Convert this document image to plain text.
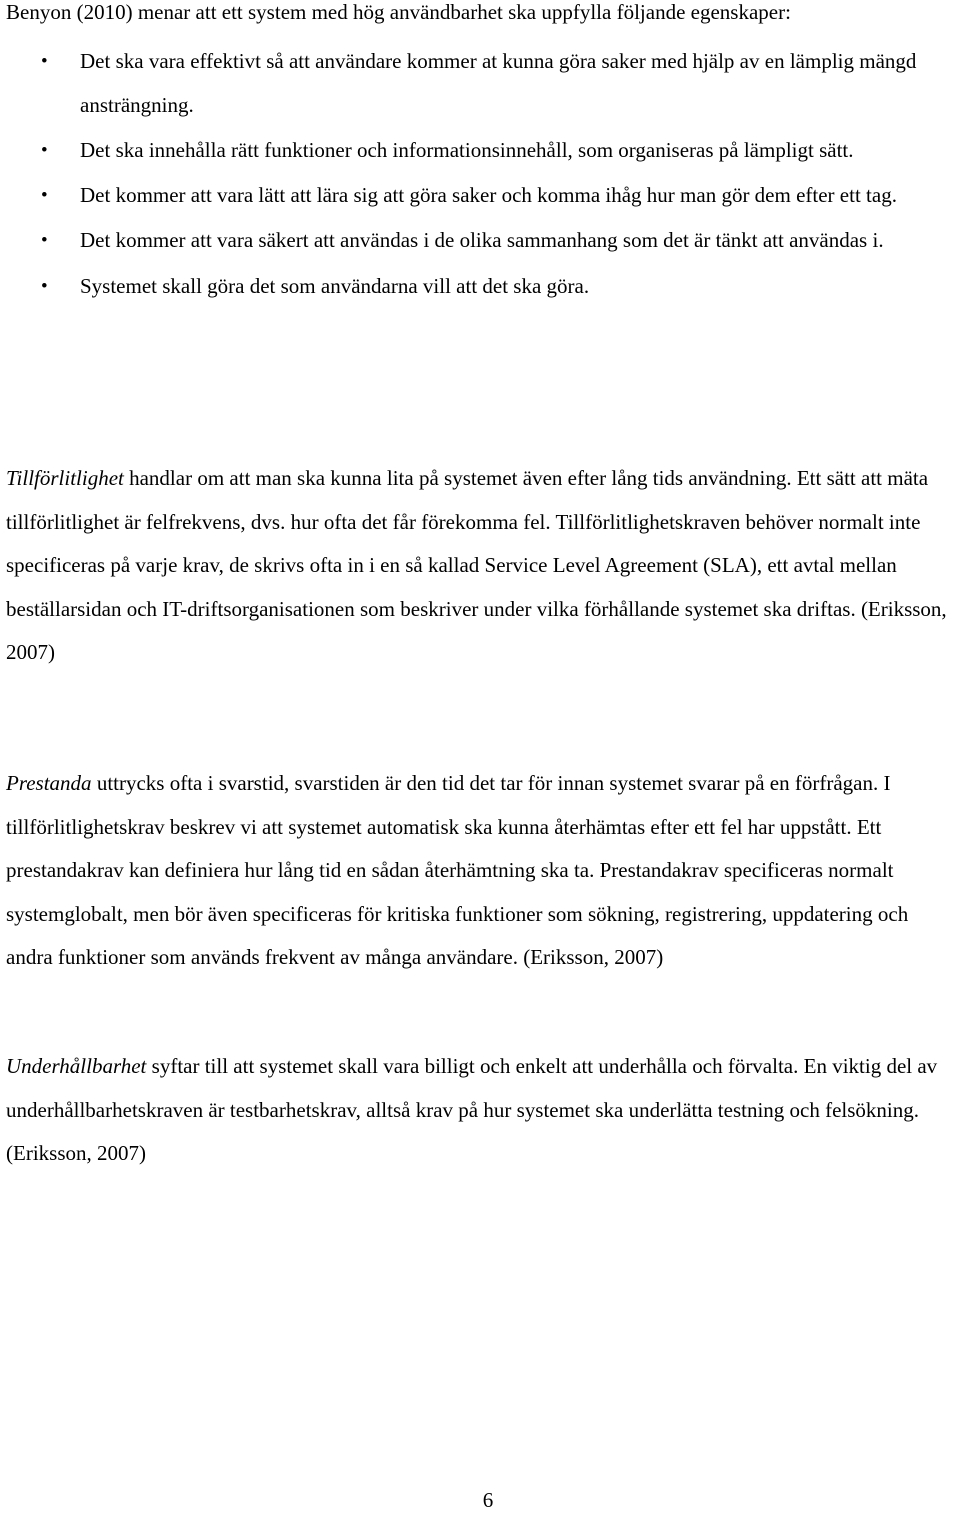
Benyon (2010) menar att ett system med hög användbarhet ska uppfylla följande egenskaper:

• Det ska vara effektivt så att användare kommer at kunna göra saker med hjälp av en lämplig mängd ansträngning.
• Det ska innehålla rätt funktioner och informationsinnehåll, som organiseras på lämpligt sätt.
• Det kommer att vara lätt att lära sig att göra saker och komma ihåg hur man gör dem efter ett tag.
• Det kommer att vara säkert att användas i de olika sammanhang som det är tänkt att användas i.
• Systemet skall göra det som användarna vill att det ska göra.

Tillförlitlighet handlar om att man ska kunna lita på systemet även efter lång tids användning. Ett sätt att mäta tillförlitlighet är felfrekvens, dvs. hur ofta det får förekomma fel. Tillförlitlighetskraven behöver normalt inte specificeras på varje krav, de skrivs ofta in i en så kallad Service Level Agreement (SLA), ett avtal mellan beställarsidan och IT-driftsorganisationen som beskriver under vilka förhållande systemet ska driftas. (Eriksson, 2007)

Prestanda uttrycks ofta i svarstid, svarstiden är den tid det tar för innan systemet svarar på en förfrågan. I tillförlitlighetskrav beskrev vi att systemet automatisk ska kunna återhämtas efter ett fel har uppstått. Ett prestandakrav kan definiera hur lång tid en sådan återhämtning ska ta. Prestandakrav specificeras normalt systemglobalt, men bör även specificeras för kritiska funktioner som sökning, registrering, uppdatering och andra funktioner som används frekvent av många användare. (Eriksson, 2007)

Underhållbarhet syftar till att systemet skall vara billigt och enkelt att underhålla och förvalta. En viktig del av underhållbarhetskraven är testbarhetskrav, alltså krav på hur systemet ska underlätta testning och felsökning. (Eriksson, 2007)

6
